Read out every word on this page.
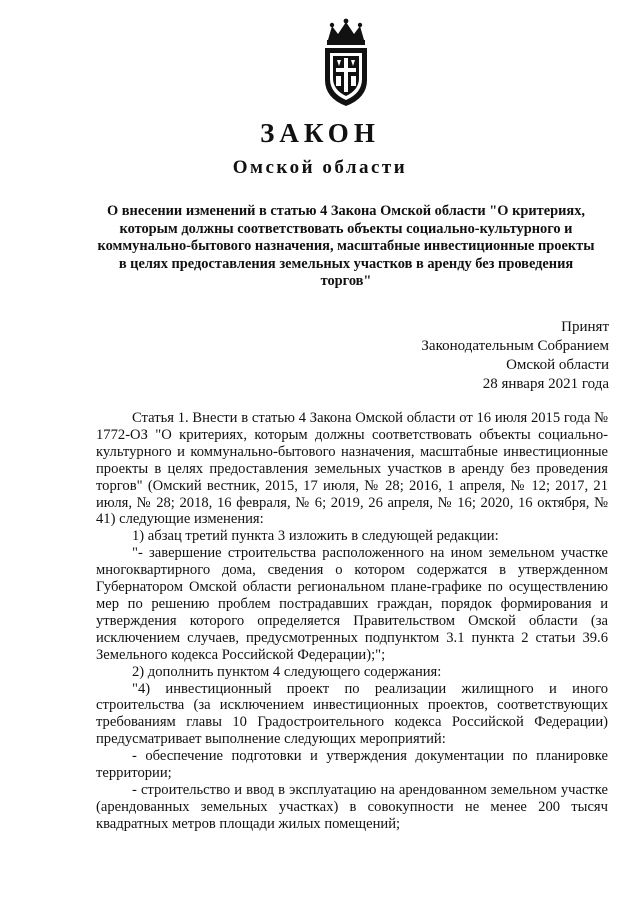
ЗАКОН
Омской области
О внесении изменений в статью 4 Закона Омской области "О критериях, которым должны соответствовать объекты социально-культурного и коммунально-бытового назначения, масштабные инвестиционные проекты в целях предоставления земельных участков в аренду без проведения торгов"
Принят
Законодательным Собранием
Омской области
28 января 2021 года

Статья 1. Внести в статью 4 Закона Омской области от 16 июля 2015 года № 1772-ОЗ "О критериях, которым должны соответствовать объекты социально-культурного и коммунально-бытового назначения, масштабные инвестиционные проекты в целях предоставления земельных участков в аренду без проведения торгов" (Омский вестник, 2015, 17 июля, № 28; 2016, 1 апреля, № 12; 2017, 21 июля, № 28; 2018, 16 февраля, № 6; 2019, 26 апреля, № 16; 2020, 16 октября, № 41) следующие изменения:

1) абзац третий пункта 3 изложить в следующей редакции:

"- завершение строительства расположенного на ином земельном участке многоквартирного дома, сведения о котором содержатся в утвержденном Губернатором Омской области региональном плане-графике по осуществлению мер по решению проблем пострадавших граждан, порядок формирования и утверждения которого определяется Правительством Омской области (за исключением случаев, предусмотренных подпунктом 3.1 пункта 2 статьи 39.6 Земельного кодекса Российской Федерации);";

2) дополнить пунктом 4 следующего содержания:

"4) инвестиционный проект по реализации жилищного и иного строительства (за исключением инвестиционных проектов, соответствующих требованиям главы 10 Градостроительного кодекса Российской Федерации) предусматривает выполнение следующих мероприятий:

- обеспечение подготовки и утверждения документации по планировке территории;

- строительство и ввод в эксплуатацию на арендованном земельном участке (арендованных земельных участках) в совокупности не менее 200 тысяч квадратных метров площади жилых помещений;
